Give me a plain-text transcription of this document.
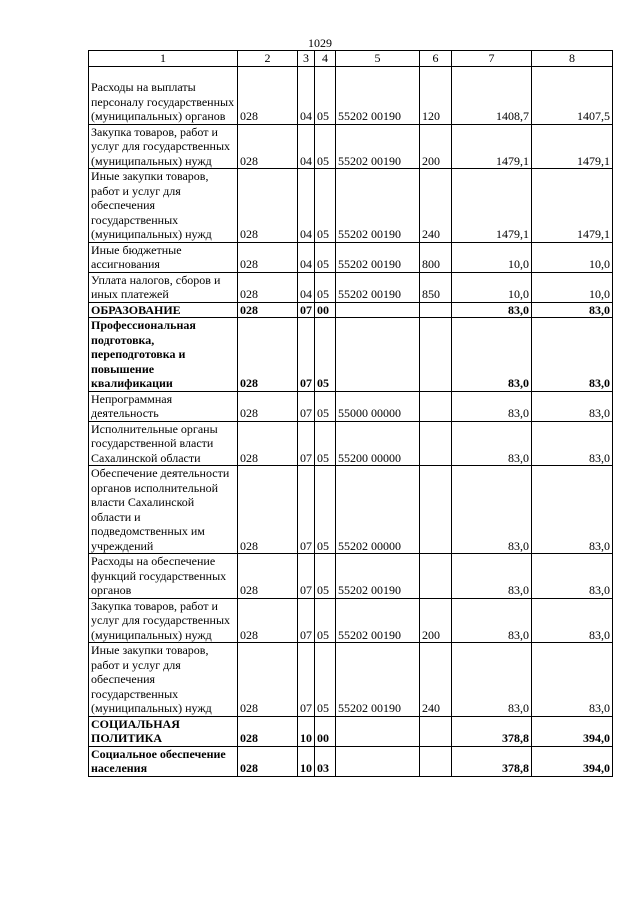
1029
1	2	3	4	5	6	7	8
Расходы на выплаты персоналу государственных (муниципальных) органов	028	04	05	55202 00190	120	1408,7	1407,5
Закупка товаров, работ и услуг для государственных (муниципальных) нужд	028	04	05	55202 00190	200	1479,1	1479,1
Иные закупки товаров, работ и услуг для обеспечения государственных (муниципальных) нужд	028	04	05	55202 00190	240	1479,1	1479,1
Иные бюджетные ассигнования	028	04	05	55202 00190	800	10,0	10,0
Уплата налогов, сборов и иных платежей	028	04	05	55202 00190	850	10,0	10,0
ОБРАЗОВАНИЕ	028	07	00			83,0	83,0
Профессиональная подготовка, переподготовка и повышение квалификации	028	07	05			83,0	83,0
Непрограммная деятельность	028	07	05	55000 00000		83,0	83,0
Исполнительные органы государственной власти Сахалинской области	028	07	05	55200 00000		83,0	83,0
Обеспечение деятельности органов исполнительной власти Сахалинской области и подведомственных им учреждений	028	07	05	55202 00000		83,0	83,0
Расходы на обеспечение функций государственных органов	028	07	05	55202 00190		83,0	83,0
Закупка товаров, работ и услуг для государственных (муниципальных) нужд	028	07	05	55202 00190	200	83,0	83,0
Иные закупки товаров, работ и услуг для обеспечения государственных (муниципальных) нужд	028	07	05	55202 00190	240	83,0	83,0
СОЦИАЛЬНАЯ ПОЛИТИКА	028	10	00			378,8	394,0
Социальное обеспечение населения	028	10	03			378,8	394,0
